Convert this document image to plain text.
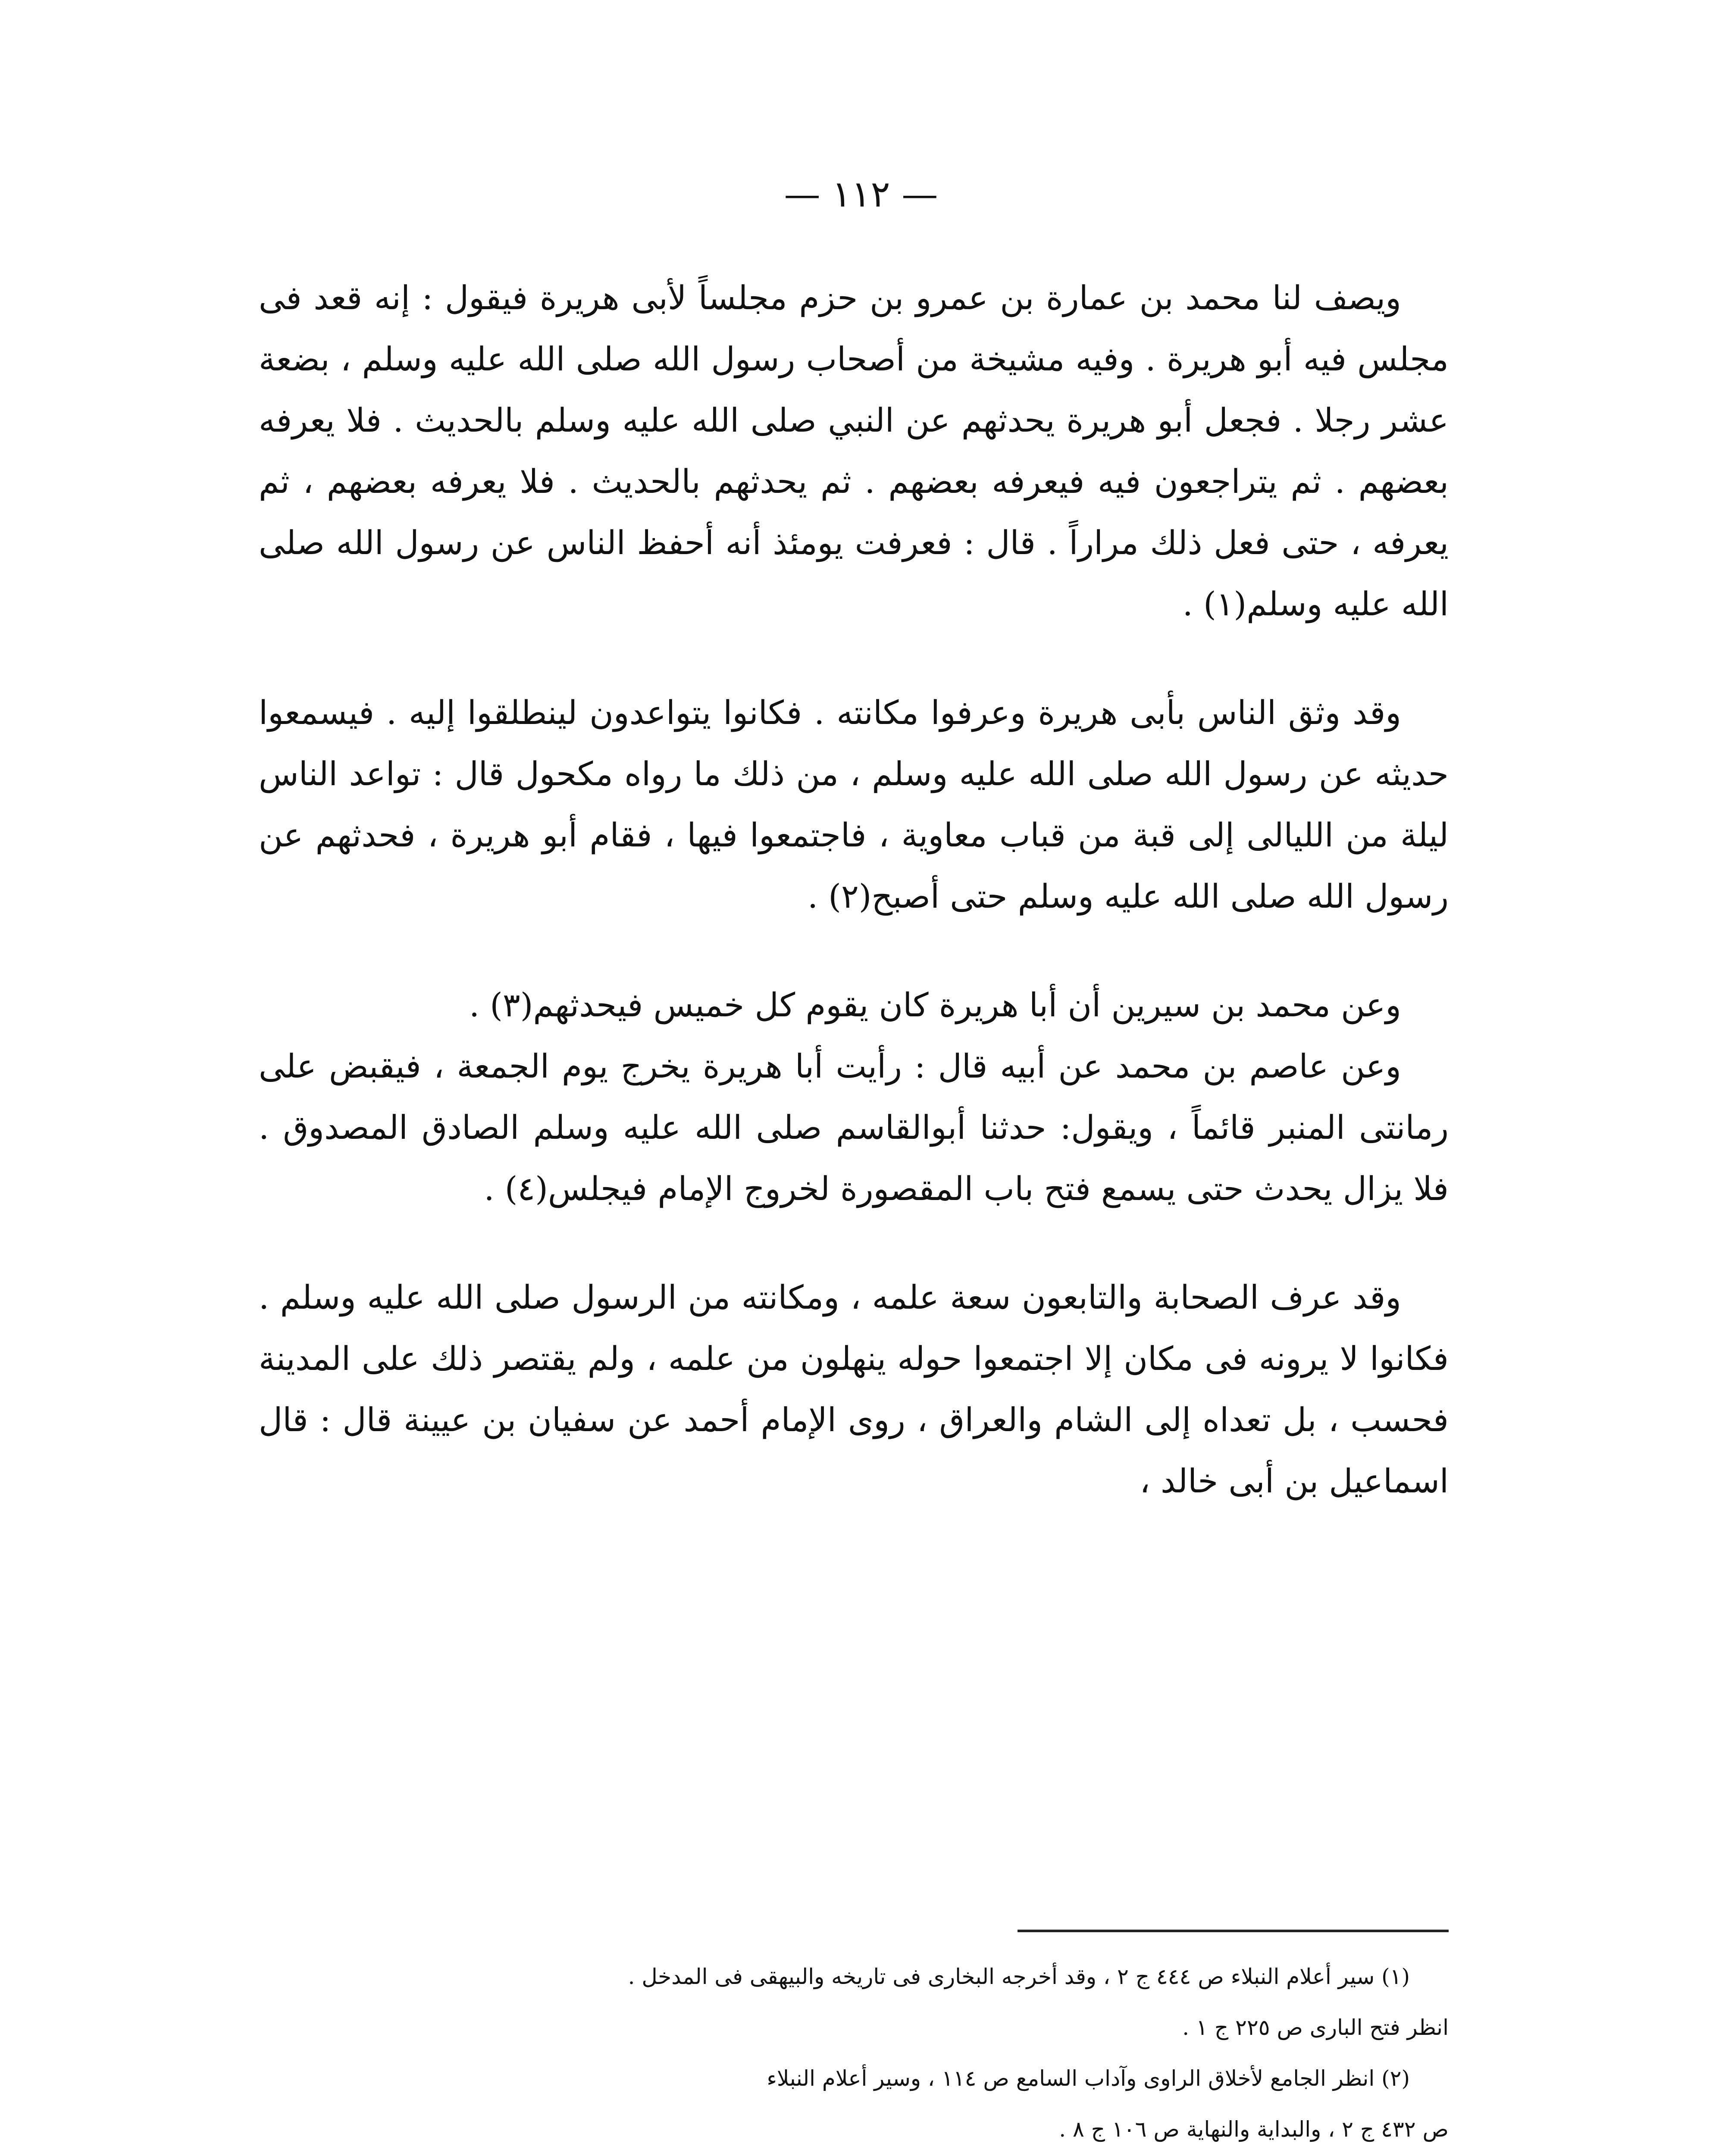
— ١١٢ —

ويصف لنا محمد بن عمارة بن عمرو بن حزم مجلساً لأبى هريرة فيقول : إنه قعد فى مجلس فيه أبو هريرة . وفيه مشيخة من أصحاب رسول الله صلى الله عليه وسلم ، بضعة عشر رجلا . فجعل أبو هريرة يحدثهم عن النبي صلى الله عليه وسلم بالحديث . فلا يعرفه بعضهم . ثم يتراجعون فيه فيعرفه بعضهم . ثم يحدثهم بالحديث . فلا يعرفه بعضهم ، ثم يعرفه ، حتى فعل ذلك مراراً . قال : فعرفت يومئذ أنه أحفظ الناس عن رسول الله صلى الله عليه وسلم(١) .

وقد وثق الناس بأبى هريرة وعرفوا مكانته . فكانوا يتواعدون لينطلقوا إليه . فيسمعوا حديثه عن رسول الله صلى الله عليه وسلم ، من ذلك ما رواه مكحول قال : تواعد الناس ليلة من الليالى إلى قبة من قباب معاوية ، فاجتمعوا فيها ، فقام أبو هريرة ، فحدثهم عن رسول الله صلى الله عليه وسلم حتى أصبح(٢) .

وعن محمد بن سيرين أن أبا هريرة كان يقوم كل خميس فيحدثهم(٣) .

وعن عاصم بن محمد عن أبيه قال : رأيت أبا هريرة يخرج يوم الجمعة ، فيقبض على رمانتى المنبر قائماً ، ويقول: حدثنا أبوالقاسم صلى الله عليه وسلم الصادق المصدوق . فلا يزال يحدث حتى يسمع فتح باب المقصورة لخروج الإمام فيجلس(٤) .

وقد عرف الصحابة والتابعون سعة علمه ، ومكانته من الرسول صلى الله عليه وسلم . فكانوا لا يرونه فى مكان إلا اجتمعوا حوله ينهلون من علمه ، ولم يقتصر ذلك على المدينة فحسب ، بل تعداه إلى الشام والعراق ، روى الإمام أحمد عن سفيان بن عيينة قال : قال اسماعيل بن أبى خالد ،

(١) سير أعلام النبلاء ص ٤٤٤ ج ٢ ، وقد أخرجه البخارى فى تاريخه والبيهقى فى المدخل .

انظر فتح البارى ص ٢٢٥ ج ١ .

(٢) انظر الجامع لأخلاق الراوى وآداب السامع ص ١١٤ ، وسير أعلام النبلاء

ص ٤٣٢ ج ٢ ، والبداية والنهاية ص ١٠٦ ج ٨ .
